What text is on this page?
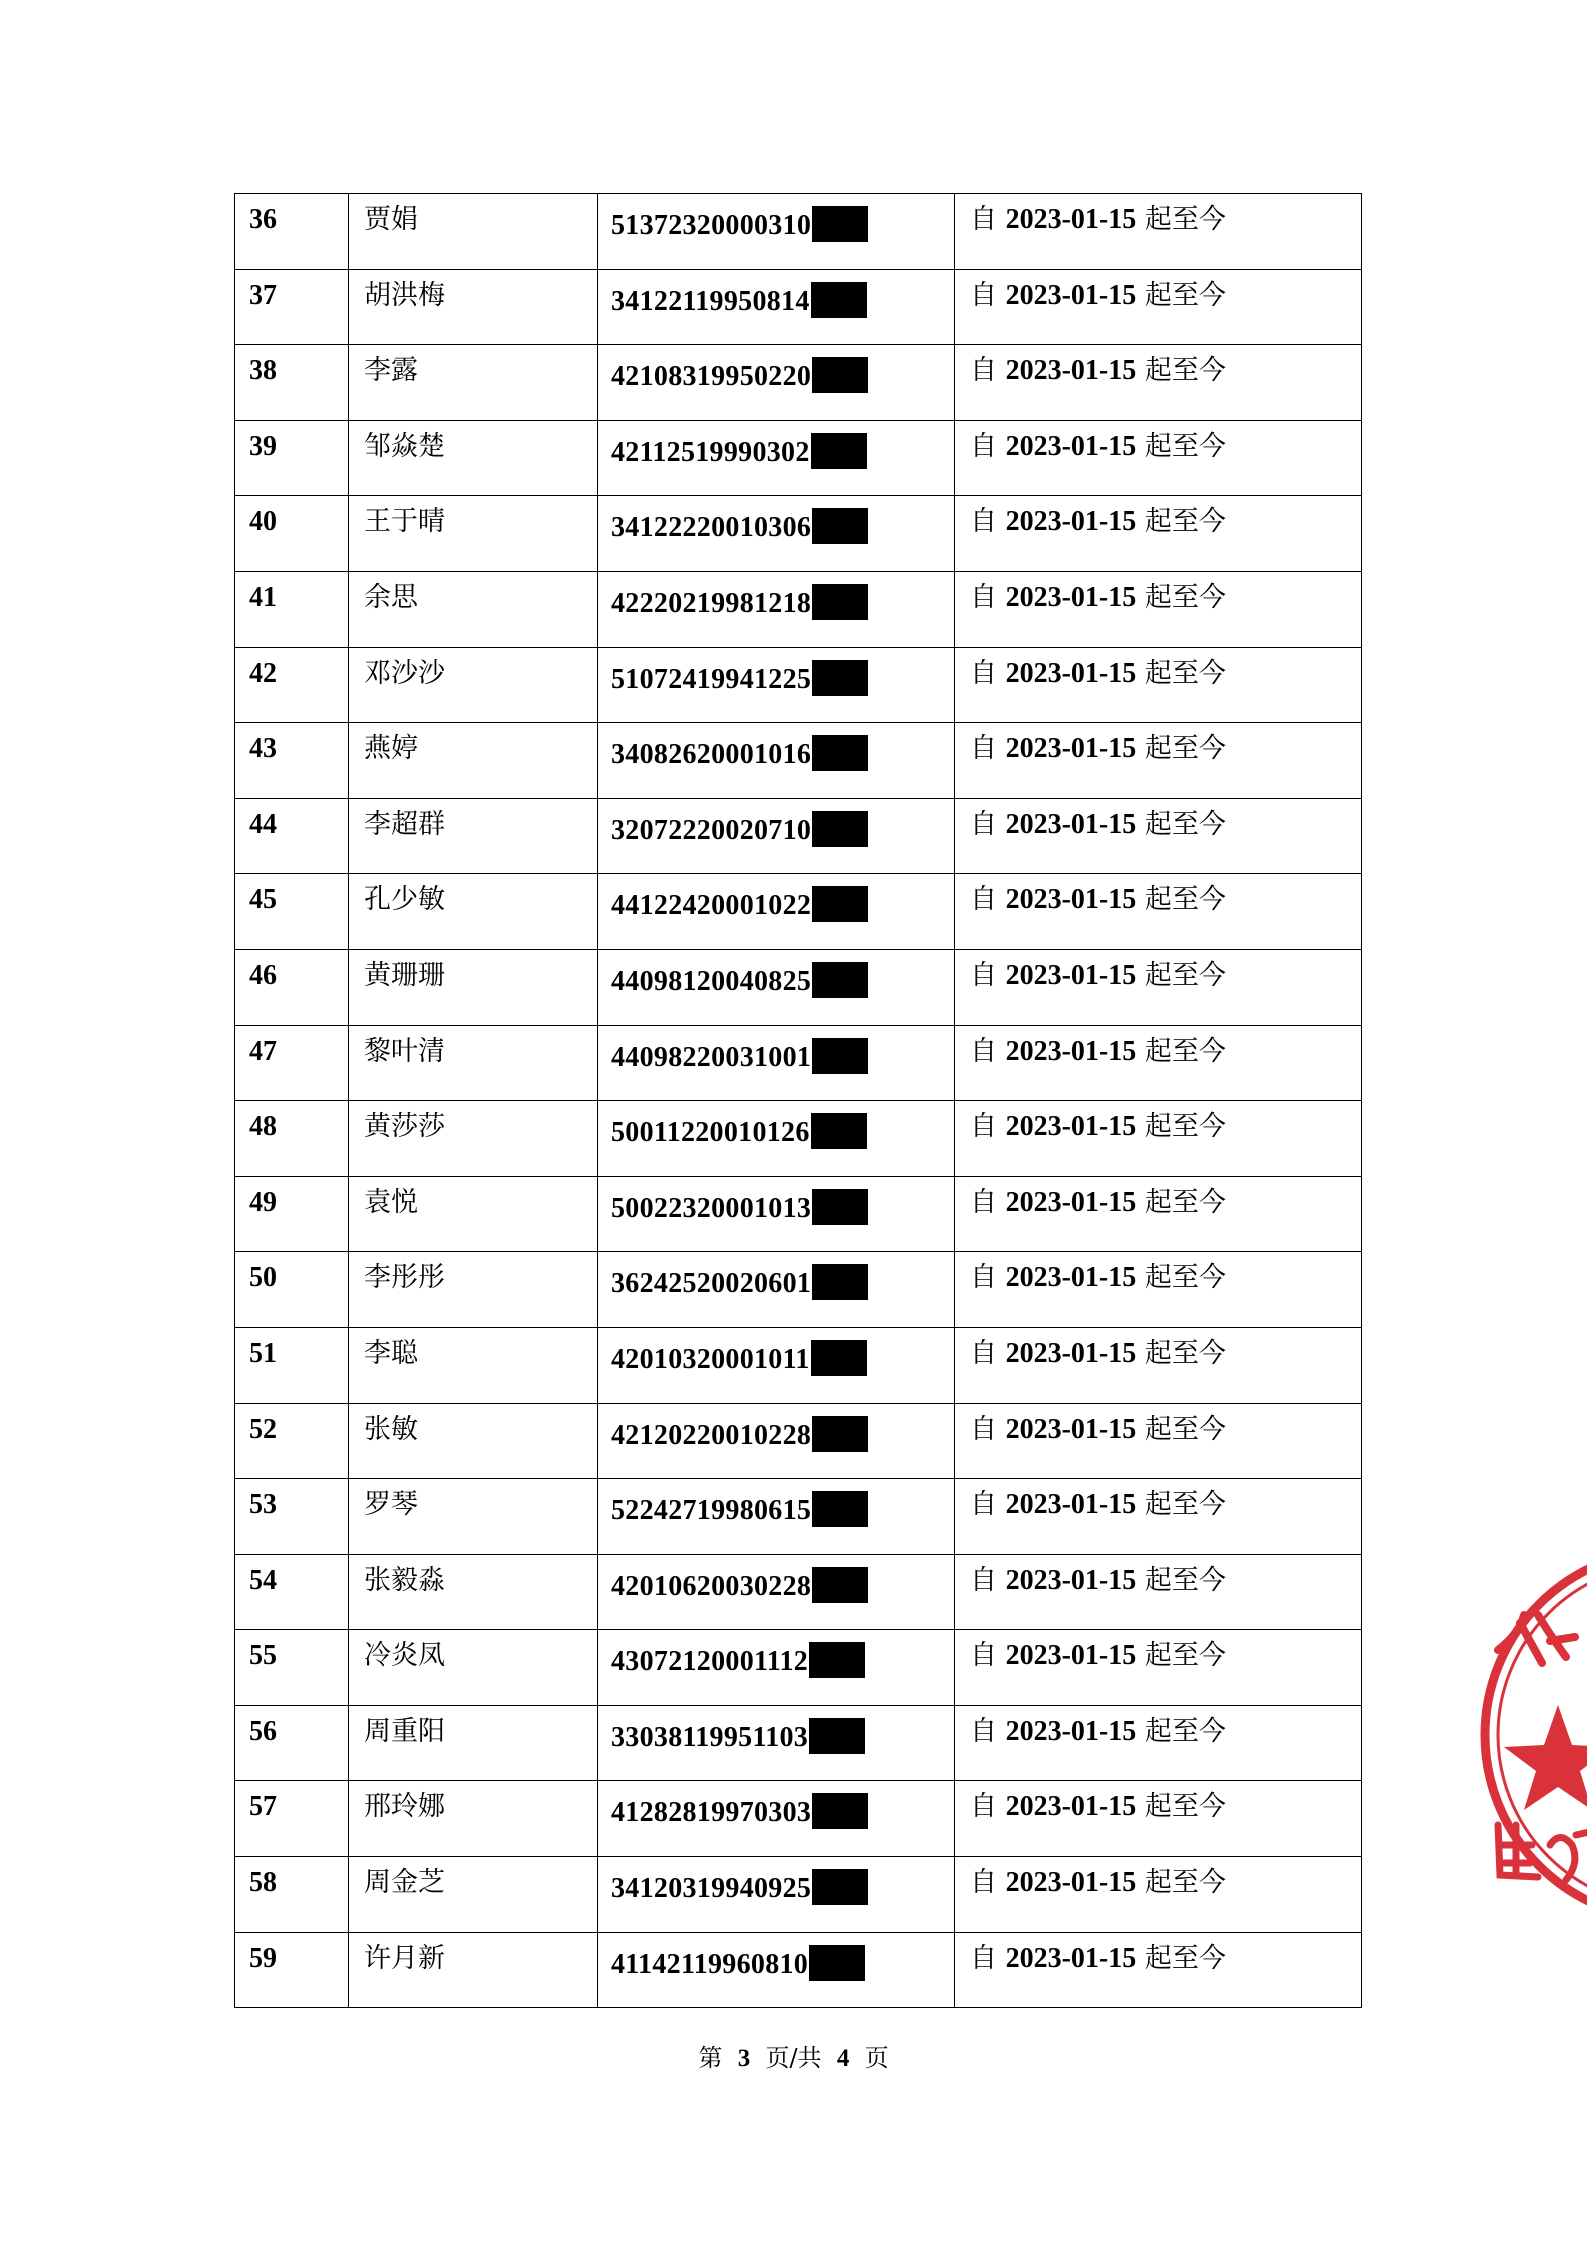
36	贾娟	51372320000310	自 2023-01-15 起至今

37	胡洪梅	34122119950814	自 2023-01-15 起至今

38	李露	42108319950220	自 2023-01-15 起至今

39	邹焱楚	42112519990302	自 2023-01-15 起至今

40	王于晴	34122220010306	自 2023-01-15 起至今

41	余思	42220219981218	自 2023-01-15 起至今

42	邓沙沙	51072419941225	自 2023-01-15 起至今

43	燕婷	34082620001016	自 2023-01-15 起至今

44	李超群	32072220020710	自 2023-01-15 起至今

45	孔少敏	44122420001022	自 2023-01-15 起至今

46	黄珊珊	44098120040825	自 2023-01-15 起至今

47	黎叶清	44098220031001	自 2023-01-15 起至今

48	黄莎莎	50011220010126	自 2023-01-15 起至今

49	袁悦	50022320001013	自 2023-01-15 起至今

50	李彤彤	36242520020601	自 2023-01-15 起至今

51	李聪	42010320001011	自 2023-01-15 起至今

52	张敏	42120220010228	自 2023-01-15 起至今

53	罗琴	52242719980615	自 2023-01-15 起至今

54	张毅淼	42010620030228	自 2023-01-15 起至今

55	冷炎凤	43072120001112	自 2023-01-15 起至今

56	周重阳	33038119951103	自 2023-01-15 起至今

57	邢玲娜	41282819970303	自 2023-01-15 起至今

58	周金芝	34120319940925	自 2023-01-15 起至今

59	许月新	41142119960810	自 2023-01-15 起至今
第 3 页/共 4 页
